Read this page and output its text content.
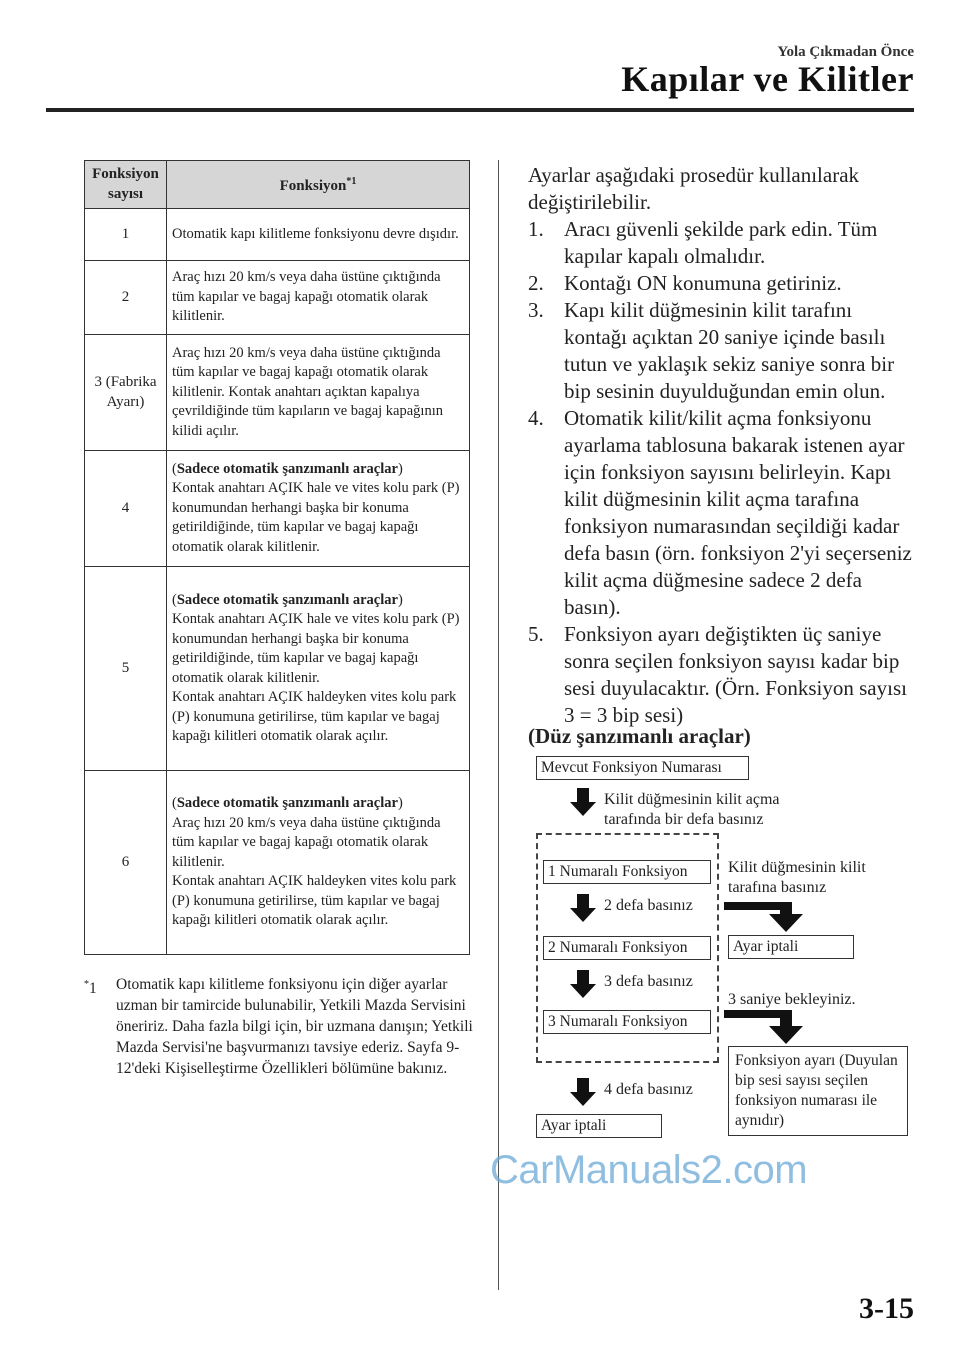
Yola Çıkmadan Önce
Kapılar ve Kilitler
Fonksiyon sayısı	Fonksiyon$^{*1}$
1	Otomatik kapı kilitleme fonksiyonu devre dışıdır.

2	Araç hızı 20 km/s veya daha üstüne çıktığında tüm kapılar ve bagaj kapağı otomatik olarak kilitlenir.

3 (Fabrika Ayarı)	Araç hızı 20 km/s veya daha üstüne çıktığında tüm kapılar ve bagaj kapağı otomatik olarak kilitlenir. Kontak anahtarı açıktan kapalıya çevrildiğinde tüm kapıların ve bagaj kapağının kilidi açılır.

4	(Sadece otomatik şanzımanlı araçlar)
Kontak anahtarı AÇIK hale ve vites kolu park (P) konumundan herhangi başka bir konuma getirildiğinde, tüm kapılar ve bagaj kapağı otomatik olarak kilitlenir.

5	(Sadece otomatik şanzımanlı araçlar)
Kontak anahtarı AÇIK hale ve vites kolu park (P) konumundan herhangi başka bir konuma getirildiğinde, tüm kapılar ve bagaj kapağı otomatik olarak kilitlenir.
Kontak anahtarı AÇIK haldeyken vites kolu park (P) konumuna getirilirse, tüm kapılar ve bagaj kapağı kilitleri otomatik olarak açılır.

6	(Sadece otomatik şanzımanlı araçlar)
Araç hızı 20 km/s veya daha üstüne çıktığında tüm kapılar ve bagaj kapağı otomatik olarak kilitlenir.
Kontak anahtarı AÇIK haldeyken vites kolu park (P) konumuna getirilirse, tüm kapılar ve bagaj kapağı kilitleri otomatik olarak açılır.
*1 Otomatik kapı kilitleme fonksiyonu için diğer ayarlar uzman bir tamircide bulunabilir, Yetkili Mazda Servisini öneririz. Daha fazla bilgi için, bir uzmana danışın; Yetkili Mazda Servisi'ne başvurmanızı tavsiye ederiz. Sayfa 9-12'deki Kişiselleştirme Özellikleri bölümüne bakınız.
Ayarlar aşağıdaki prosedür kullanılarak değiştirilebilir.
1. Aracı güvenli şekilde park edin. Tüm kapılar kapalı olmalıdır.
2. Kontağı ON konumuna getiriniz.
3. Kapı kilit düğmesinin kilit tarafını kontağı açıktan 20 saniye içinde basılı tutun ve yaklaşık sekiz saniye sonra bir bip sesinin duyulduğundan emin olun.
4. Otomatik kilit/kilit açma fonksiyonu ayarlama tablosuna bakarak istenen ayar için fonksiyon sayısını belirleyin. Kapı kilit düğmesinin kilit açma tarafına fonksiyon numarasından seçildiği kadar defa basın (örn. fonksiyon 2'yi seçerseniz kilit açma düğmesine sadece 2 defa basın).
5. Fonksiyon ayarı değiştikten üç saniye sonra seçilen fonksiyon sayısı kadar bip sesi duyulacaktır. (Örn. Fonksiyon sayısı 3 = 3 bip sesi)
(Düz şanzımanlı araçlar)
Mevcut Fonksiyon Numarası
Kilit düğmesinin kilit açma tarafında bir defa basınız
1 Numaralı Fonksiyon
2 defa basınız
2 Numaralı Fonksiyon
3 defa basınız
3 Numaralı Fonksiyon
4 defa basınız
Ayar iptali
Kilit düğmesinin kilit tarafına basınız
Ayar iptali
3 saniye bekleyiniz.
Fonksiyon ayarı (Duyulan bip sesi sayısı seçilen fonksiyon numarası ile aynıdır)
3-15
CarManuals2.com
